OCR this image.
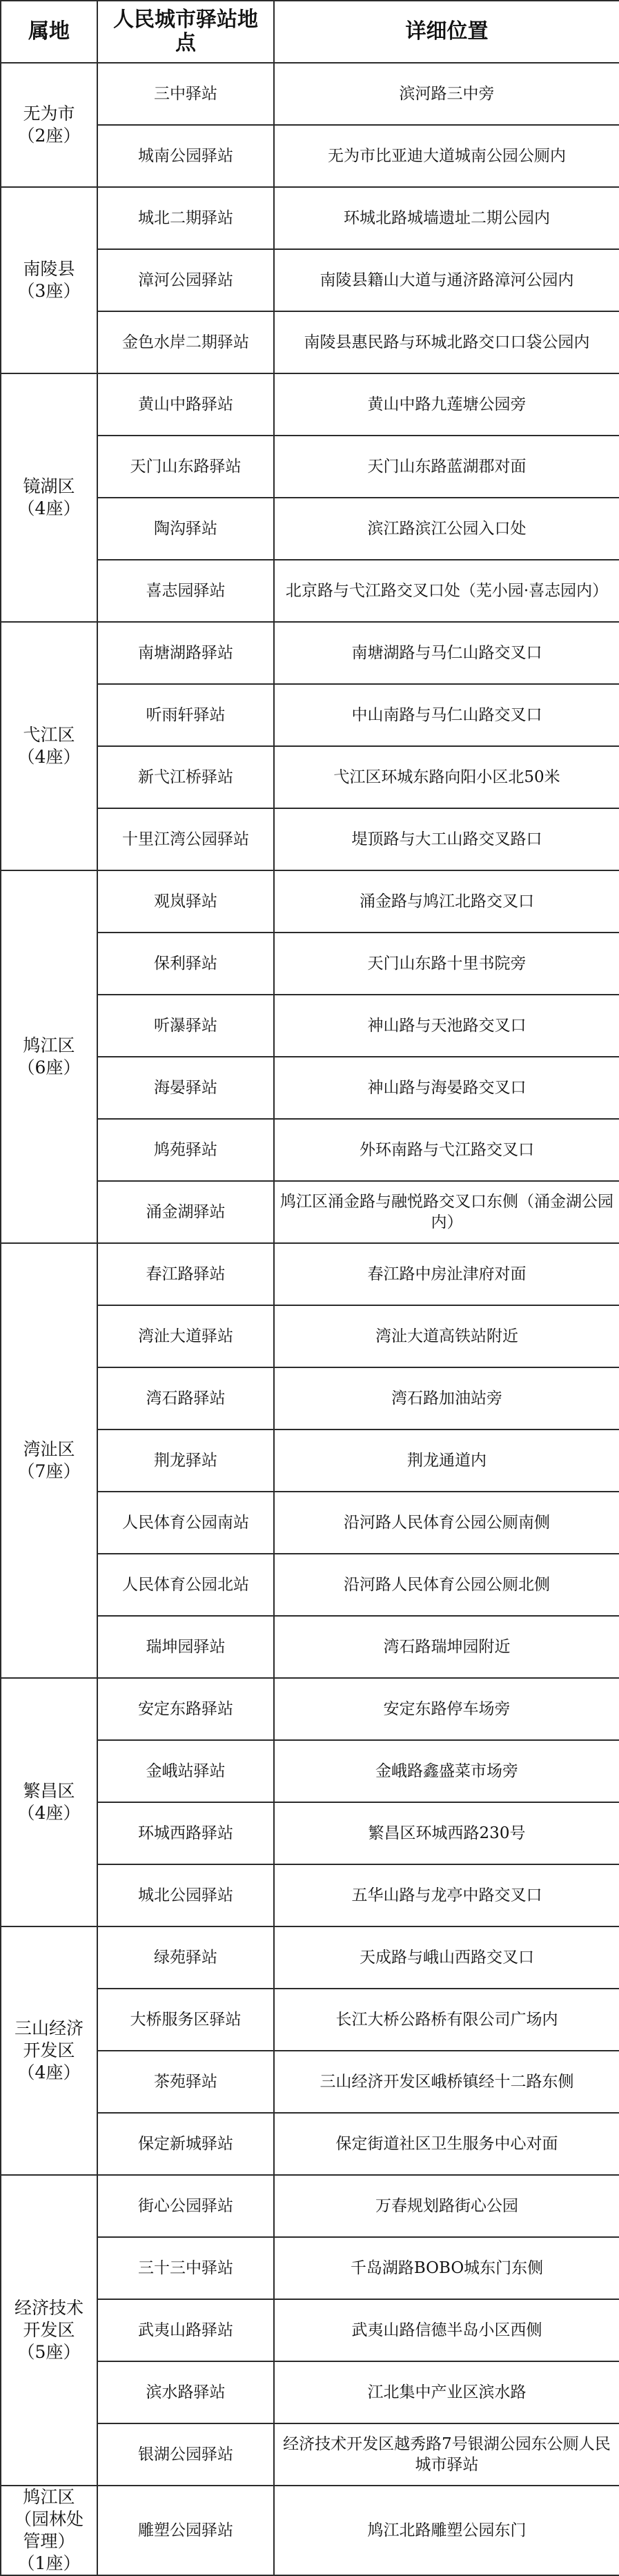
属地	人民城市驿站地点	详细位置

无为市
（2座）	三中驿站	滨河路三中旁
	城南公园驿站	无为市比亚迪大道城南公园公厕内

南陵县
（3座）	城北二期驿站	环城北路城墙遗址二期公园内
	漳河公园驿站	南陵县籍山大道与通济路漳河公园内
	金色水岸二期驿站	南陵县惠民路与环城北路交口口袋公园内

镜湖区
（4座）	黄山中路驿站	黄山中路九莲塘公园旁
	天门山东路驿站	天门山东路蓝湖郡对面
	陶沟驿站	滨江路滨江公园入口处
	喜志园驿站	北京路与弋江路交叉口处（芜小园·喜志园内）

弋江区
（4座）	南塘湖路驿站	南塘湖路与马仁山路交叉口
	听雨轩驿站	中山南路与马仁山路交叉口
	新弋江桥驿站	弋江区环城东路向阳小区北50米
	十里江湾公园驿站	堤顶路与大工山路交叉路口

鸠江区
（6座）	观岚驿站	涌金路与鸠江北路交叉口
	保利驿站	天门山东路十里书院旁
	听瀑驿站	神山路与天池路交叉口
	海晏驿站	神山路与海晏路交叉口
	鸠苑驿站	外环南路与弋江路交叉口
	涌金湖驿站	鸠江区涌金路与融悦路交叉口东侧（涌金湖公园内）

湾沚区
（7座）	春江路驿站	春江路中房沚津府对面
	湾沚大道驿站	湾沚大道高铁站附近
	湾石路驿站	湾石路加油站旁
	荆龙驿站	荆龙通道内
	人民体育公园南站	沿河路人民体育公园公厕南侧
	人民体育公园北站	沿河路人民体育公园公厕北侧
	瑞坤园驿站	湾石路瑞坤园附近

繁昌区
（4座）	安定东路驿站	安定东路停车场旁
	金峨站驿站	金峨路鑫盛菜市场旁
	环城西路驿站	繁昌区环城西路230号
	城北公园驿站	五华山路与龙亭中路交叉口

三山经济开发区
（4座）	绿苑驿站	天成路与峨山西路交叉口
	大桥服务区驿站	长江大桥公路桥有限公司广场内
	茶苑驿站	三山经济开发区峨桥镇经十二路东侧
	保定新城驿站	保定街道社区卫生服务中心对面

经济技术开发区
（5座）	街心公园驿站	万春规划路街心公园
	三十三中驿站	千岛湖路BOBO城东门东侧
	武夷山路驿站	武夷山路信德半岛小区西侧
	滨水路驿站	江北集中产业区滨水路
	银湖公园驿站	经济技术开发区越秀路7号银湖公园东公厕人民城市驿站

鸠江区（园林处管理）
（1座）	雕塑公园驿站	鸠江北路雕塑公园东门
